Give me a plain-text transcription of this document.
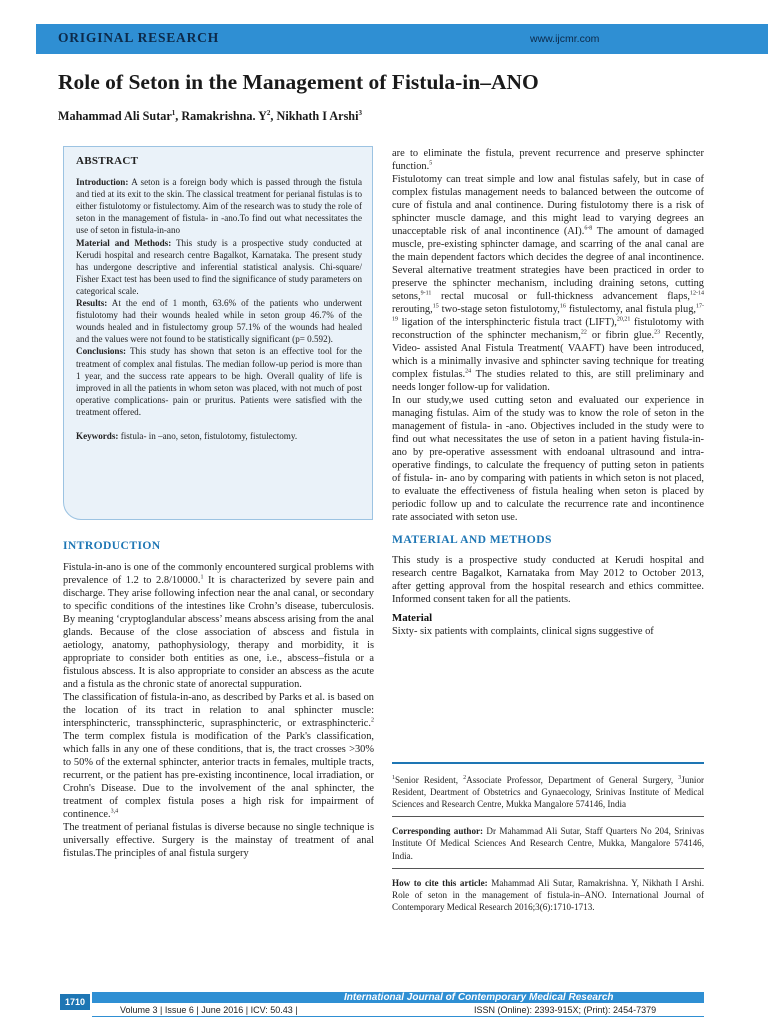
ORIGINAL RESEARCH	www.ijcmr.com
Role of Seton in the Management of Fistula-in–ANO
Mahammad Ali Sutar$^1$, Ramakrishna. $Y^2$, Nikhath I Arshi$^3$
ABSTRACT

Introduction: A seton is a foreign body which is passed through the fistula and tied at its exit to the skin. The classical treatment for perianal fistulas is to either fistulotomy or fistulectomy. Aim of the research was to study the role of seton in the management of fistula- in -ano.To find out what necessitates the use of seton in fistula-in-ano

Material and Methods: This study is a prospective study conducted at Kerudi hospital and research centre Bagalkot, Karnataka. The present study has undergone descriptive and inferential statistical analysis. Chi-square/ Fisher Exact test has been used to find the significance of study parameters on categorical scale.

Results: At the end of 1 month, 63.6% of the patients who underwent fistulotomy had their wounds healed while in seton group 46.7% of the wounds healed and in fistulectomy group 57.1% of the wounds had healed and the values were not found to be statistically significant (p= 0.592).

Conclusions: This study has shown that seton is an effective tool for the treatment of complex anal fistulas. The median follow-up period is more than 1 year, and the success rate appears to be high. Overall quality of life is improved in all the patients in whom seton was placed, with not much of post operative complications- pain or pruritus. Patients were satisfied with the treatment offered.

Keywords: fistula- in –ano, seton, fistulotomy, fistulectomy.

INTRODUCTION

Fistula-in-ano is one of the commonly encountered surgical problems with prevalence of 1.2 to 2.8/10000.$^1$ It is characterized by severe pain and discharge. They arise following infection near the anal canal, or secondary to specific conditions of the intestines like Crohn’s disease, tuberculosis. By meaning ‘cryptoglandular abscess’ means abscess arising from the anal glands. Because of the close association of abscess and fistula in aetiology, anatomy, pathophysiology, therapy and morbidity, it is appropriate to consider both entities as one, i.e., abscess–fistula or a fistulous abscess. It is also appropriate to consider an abscess as the acute and a fistula as the chronic state of anorectal suppuration.

The classification of fistula-in-ano, as described by Parks et al. is based on the location of its tract in relation to anal sphincter muscle: intersphincteric, transsphincteric, suprasphincteric, or extrasphincteric.$^2$ The term complex fistula is modification of the Park's classification, which falls in any one of these conditions, that is, the tract crosses >30% to 50% of the external sphincter, anterior tracts in females, multiple tracts, recurrent, or the patient has pre-existing incontinence, local irradiation, or Crohn's Disease. Due to the involvement of the anal sphincter, the treatment of complex fistula poses a high risk for impairment of continence.$^{3,4}$

The treatment of perianal fistulas is diverse because no single technique is universally effective. Surgery is the mainstay of treatment of anal fistulas.The principles of anal fistula surgery

are to eliminate the fistula, prevent recurrence and preserve sphincter function.$^5$

Fistulotomy can treat simple and low anal fistulas safely, but in case of complex fistulas management needs to balanced between the outcome of cure of fistula and anal continence. During fistulotomy there is a risk of sphincter muscle damage, and this might lead to varying degrees an unacceptable risk of anal incontinence (AI).$^{6-8}$ The amount of damaged muscle, pre-existing sphincter damage, and scarring of the anal canal are the main dependent factors which decides the degree of anal incontinence. Several alternative treatment strategies have been practiced in order to preserve the sphincter mechanism, including draining setons, cutting setons,$^{9-11}$ rectal mucosal or full-thickness advancement flaps,$^{12-14}$ rerouting,$^{15}$ two-stage seton fistulotomy,$^{16}$ fistulectomy, anal fistula plug,$^{17-19}$ ligation of the intersphincteric fistula tract (LIFT),$^{20,21}$ fistulotomy with reconstruction of the sphincter mechanism,$^{22}$ or fibrin glue.$^{23}$ Recently, Video- assisted Anal Fistula Treatment( VAAFT) have been introduced, which is a minimally invasive and sphincter saving technique for treating complex fistulas.$^{24}$ The studies related to this, are still preliminary and needs longer follow-up for validation.

In our study,we used cutting seton and evaluated our experience in managing fistulas. Aim of the study was to know the role of seton in the management of fistula- in -ano. Objectives included in the study were to find out what necessitates the use of seton in a patient having fistula-in-ano by pre-operative assessment with endoanal ultrasound and intra-operative findings, to calculate the frequency of putting seton in patients of fistula- in- ano by comparing with patients in which seton is not placed, to evaluate the effectiveness of fistula healing when seton is placed by periodic follow up and to calculate the recurrence rate and incontinence rate associated with seton use.

MATERIAL AND METHODS

This study is a prospective study conducted at Kerudi hospital and research centre Bagalkot, Karnataka from May 2012 to October 2013, after getting approval from the hospital research and ethics committee. Informed consent taken for all the patients.

Material

Sixty- six patients with complaints, clinical signs suggestive of

$^1$Senior Resident, $^2$Associate Professor, Department of General Surgery, $^3$Junior Resident, Deartment of Obstetrics and Gynaecology, Srinivas Institute of Medical Sciences and Research Centre, Mukka Mangalore 574146, India

Corresponding author: Dr Mahammad Ali Sutar, Staff Quarters No 204, Srinivas Institute Of Medical Sciences And Research Centre, Mukka, Mangalore 574146, India.

How to cite this article: Mahammad Ali Sutar, Ramakrishna. Y, Nikhath I Arshi. Role of seton in the management of fistula-in–ANO. International Journal of Contemporary Medical Research 2016;3(6):1710-1713.

1710	International Journal of Contemporary Medical Research
Volume 3 | Issue 6 | June 2016 | ICV: 50.43 |	ISSN (Online): 2393-915X; (Print): 2454-7379
